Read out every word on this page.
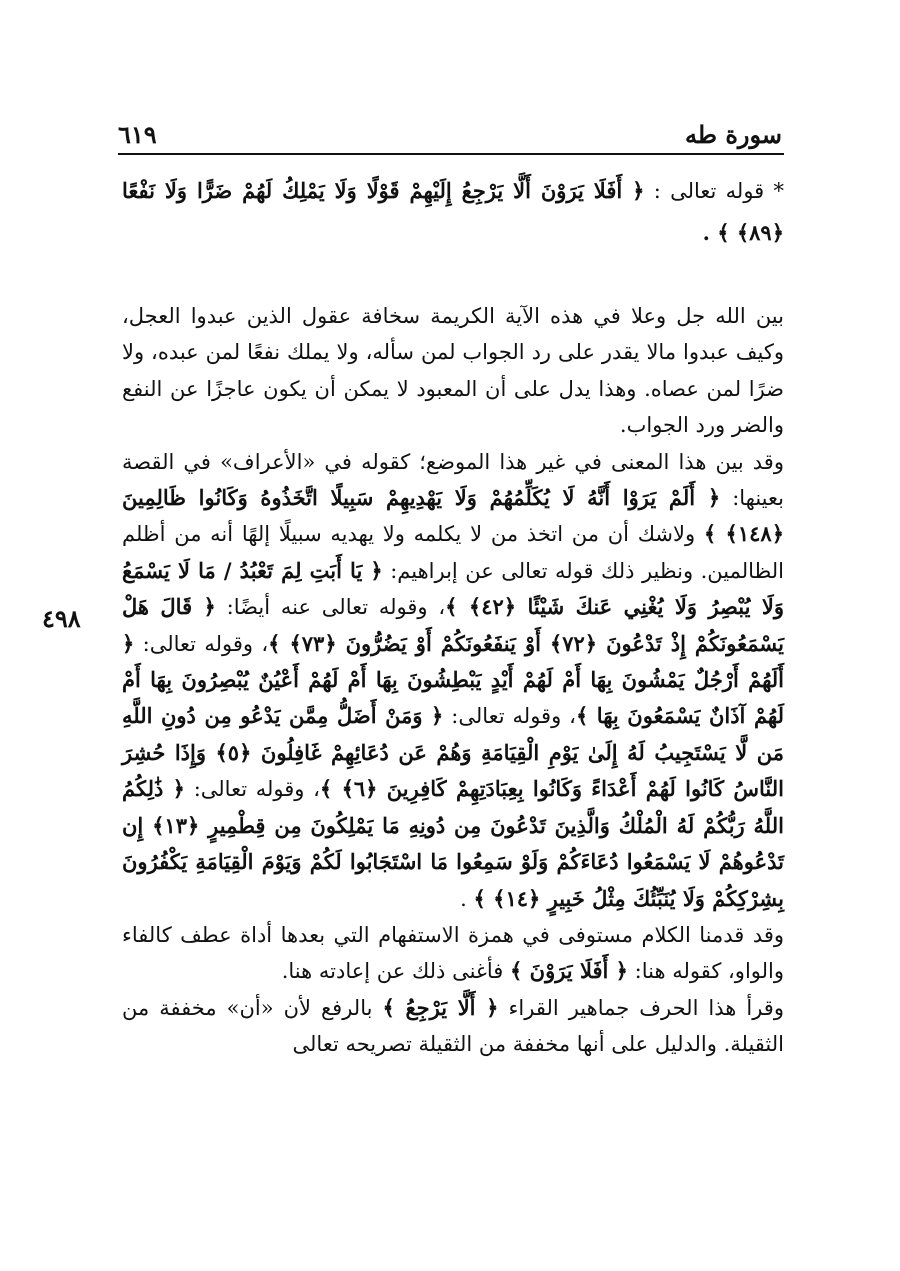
سورة طه
٦١٩
٤٩٨

* قوله تعالى : ﴿ أَفَلَا يَرَوْنَ أَلَّا يَرْجِعُ إِلَيْهِمْ قَوْلًا وَلَا يَمْلِكُ لَهُمْ ضَرًّا وَلَا نَفْعًا ﴿٨٩﴾ ﴾ .

بين الله جل وعلا في هذه الآية الكريمة سخافة عقول الذين عبدوا العجل، وكيف عبدوا مالا يقدر على رد الجواب لمن سأله، ولا يملك نفعًا لمن عبده، ولا ضرًا لمن عصاه. وهذا يدل على أن المعبود لا يمكن أن يكون عاجزًا عن النفع والضر ورد الجواب.

وقد بين هذا المعنى في غير هذا الموضع؛ كقوله في «الأعراف» في القصة بعينها: ﴿ أَلَمْ يَرَوْا أَنَّهُ لَا يُكَلِّمُهُمْ وَلَا يَهْدِيهِمْ سَبِيلًا اتَّخَذُوهُ وَكَانُوا ظَالِمِينَ ﴿١٤٨﴾ ﴾ ولاشك أن من اتخذ من لا يكلمه ولا يهديه سبيلًا إلهًا أنه من أظلم الظالمين. ونظير ذلك قوله تعالى عن إبراهيم: ﴿ يَا أَبَتِ لِمَ تَعْبُدُ / مَا لَا يَسْمَعُ وَلَا يُبْصِرُ وَلَا يُغْنِي عَنكَ شَيْئًا ﴿٤٢﴾ ﴾، وقوله تعالى عنه أيضًا: ﴿ قَالَ هَلْ يَسْمَعُونَكُمْ إِذْ تَدْعُونَ ﴿٧٢﴾ أَوْ يَنفَعُونَكُمْ أَوْ يَضُرُّونَ ﴿٧٣﴾ ﴾، وقوله تعالى: ﴿ أَلَهُمْ أَرْجُلٌ يَمْشُونَ بِهَا أَمْ لَهُمْ أَيْدٍ يَبْطِشُونَ بِهَا أَمْ لَهُمْ أَعْيُنٌ يُبْصِرُونَ بِهَا أَمْ لَهُمْ آذَانٌ يَسْمَعُونَ بِهَا ﴾، وقوله تعالى: ﴿ وَمَنْ أَضَلُّ مِمَّن يَدْعُو مِن دُونِ اللَّهِ مَن لَّا يَسْتَجِيبُ لَهُ إِلَىٰ يَوْمِ الْقِيَامَةِ وَهُمْ عَن دُعَائِهِمْ غَافِلُونَ ﴿٥﴾ وَإِذَا حُشِرَ النَّاسُ كَانُوا لَهُمْ أَعْدَاءً وَكَانُوا بِعِبَادَتِهِمْ كَافِرِينَ ﴿٦﴾ ﴾، وقوله تعالى: ﴿ ذَٰلِكُمُ اللَّهُ رَبُّكُمْ لَهُ الْمُلْكُ وَالَّذِينَ تَدْعُونَ مِن دُونِهِ مَا يَمْلِكُونَ مِن قِطْمِيرٍ ﴿١٣﴾ إِن تَدْعُوهُمْ لَا يَسْمَعُوا دُعَاءَكُمْ وَلَوْ سَمِعُوا مَا اسْتَجَابُوا لَكُمْ وَيَوْمَ الْقِيَامَةِ يَكْفُرُونَ بِشِرْكِكُمْ وَلَا يُنَبِّئُكَ مِثْلُ خَبِيرٍ ﴿١٤﴾ ﴾ .

وقد قدمنا الكلام مستوفى في همزة الاستفهام التي بعدها أداة عطف كالفاء والواو، كقوله هنا: ﴿ أَفَلَا يَرَوْنَ ﴾ فأغنى ذلك عن إعادته هنا.

وقرأ هذا الحرف جماهير القراء ﴿ أَلَّا يَرْجِعُ ﴾ بالرفع لأن «أن» مخففة من الثقيلة. والدليل على أنها مخففة من الثقيلة تصريحه تعالى
